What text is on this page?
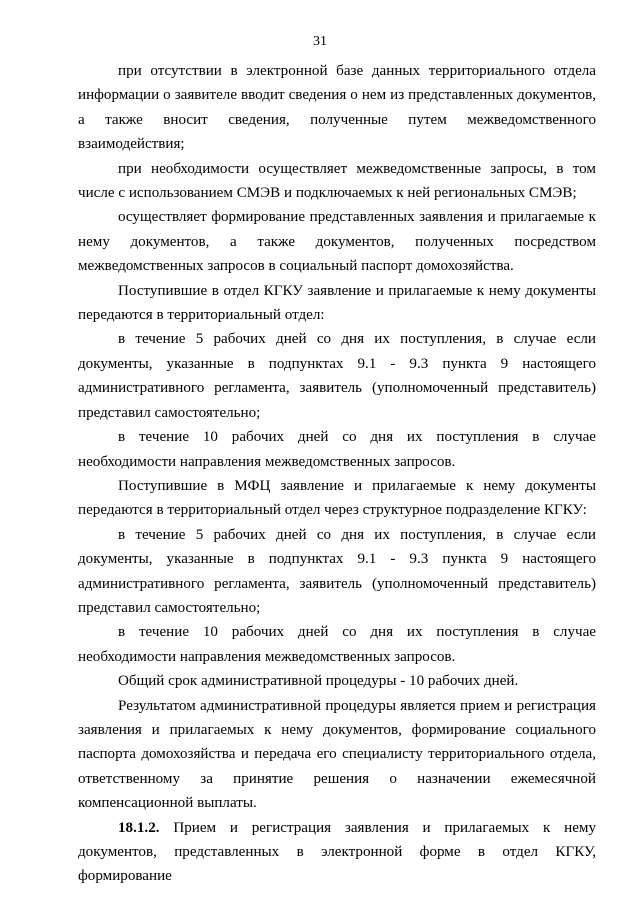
31

при отсутствии в электронной базе данных территориального отдела информации о заявителе вводит сведения о нем из представленных документов, а также вносит сведения, полученные путем межведомственного взаимодействия;

при необходимости осуществляет межведомственные запросы, в том числе с использованием СМЭВ и подключаемых к ней региональных СМЭВ;

осуществляет формирование представленных заявления и прилагаемые к нему документов, а также документов, полученных посредством межведомственных запросов в социальный паспорт домохозяйства.

Поступившие в отдел КГКУ заявление и прилагаемые к нему документы передаются в территориальный отдел:

в течение 5 рабочих дней со дня их поступления, в случае если документы, указанные в подпунктах 9.1 - 9.3 пункта 9 настоящего административного регламента, заявитель (уполномоченный представитель) представил самостоятельно;

в течение 10 рабочих дней со дня их поступления в случае необходимости направления межведомственных запросов.

Поступившие в МФЦ заявление и прилагаемые к нему документы передаются в территориальный отдел через структурное подразделение КГКУ:

в течение 5 рабочих дней со дня их поступления, в случае если документы, указанные в подпунктах 9.1 - 9.3 пункта 9 настоящего административного регламента, заявитель (уполномоченный представитель) представил самостоятельно;

в течение 10 рабочих дней со дня их поступления в случае необходимости направления межведомственных запросов.

Общий срок административной процедуры - 10 рабочих дней.

Результатом административной процедуры является прием и регистрация заявления и прилагаемых к нему документов, формирование социального паспорта домохозяйства и передача его специалисту территориального отдела, ответственному за принятие решения о назначении ежемесячной компенсационной выплаты.

18.1.2. Прием и регистрация заявления и прилагаемых к нему документов, представленных в электронной форме в отдел КГКУ, формирование
